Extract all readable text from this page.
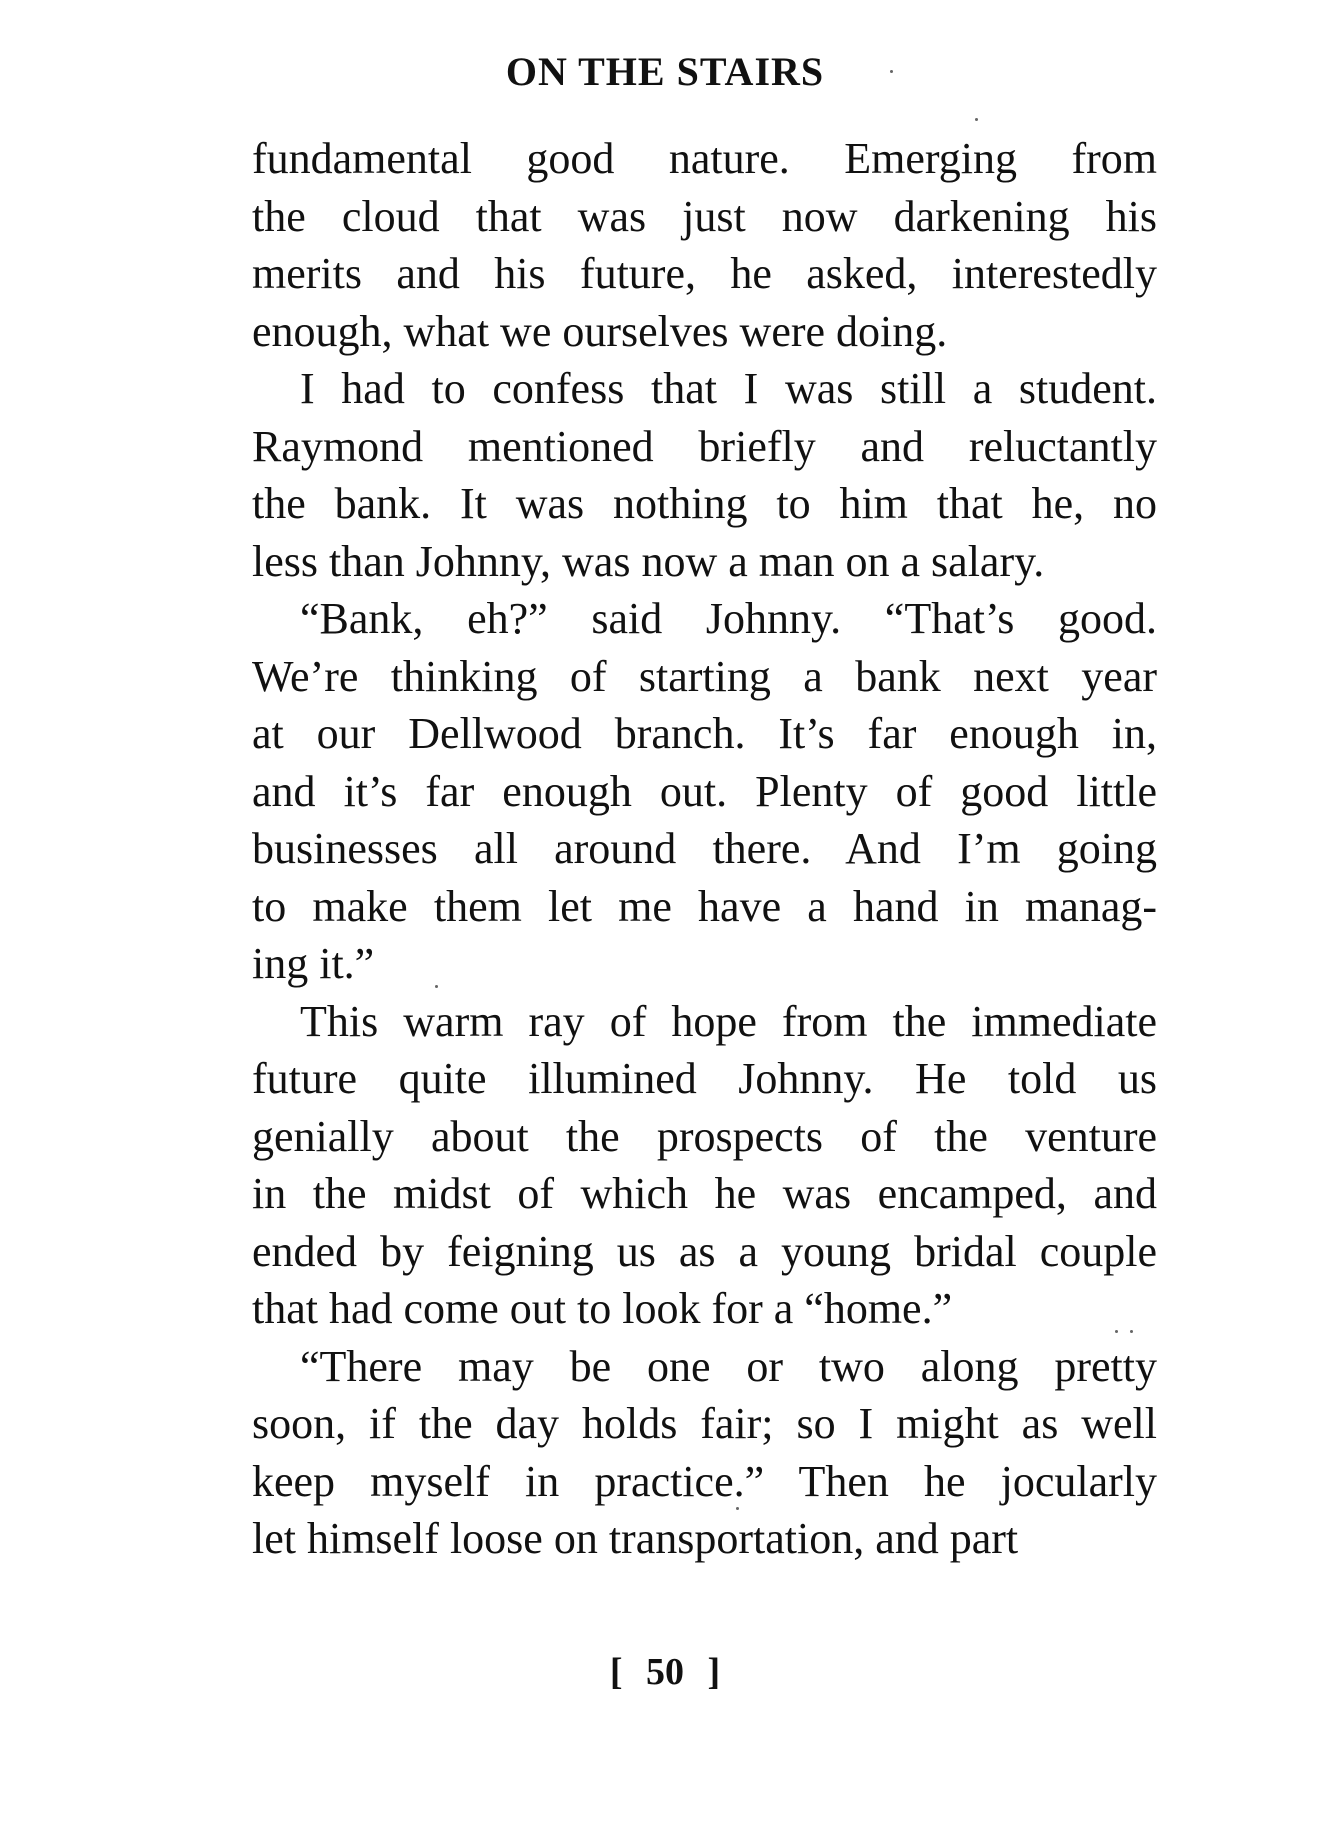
ON THE STAIRS
fundamental good nature. Emerging from
the cloud that was just now darkening his
merits and his future, he asked, interestedly
enough, what we ourselves were doing.
I had to confess that I was still a student.
Raymond mentioned briefly and reluctantly
the bank. It was nothing to him that he, no
less than Johnny, was now a man on a salary.
“Bank, eh?” said Johnny. “That’s good.
We’re thinking of starting a bank next year
at our Dellwood branch. It’s far enough in,
and it’s far enough out. Plenty of good little
businesses all around there. And I’m going
to make them let me have a hand in manag-
ing it.”
This warm ray of hope from the immediate
future quite illumined Johnny. He told us
genially about the prospects of the venture
in the midst of which he was encamped, and
ended by feigning us as a young bridal couple
that had come out to look for a “home.”
“There may be one or two along pretty
soon, if the day holds fair; so I might as well
keep myself in practice.” Then he jocularly
let himself loose on transportation, and part
[ 50 ]
